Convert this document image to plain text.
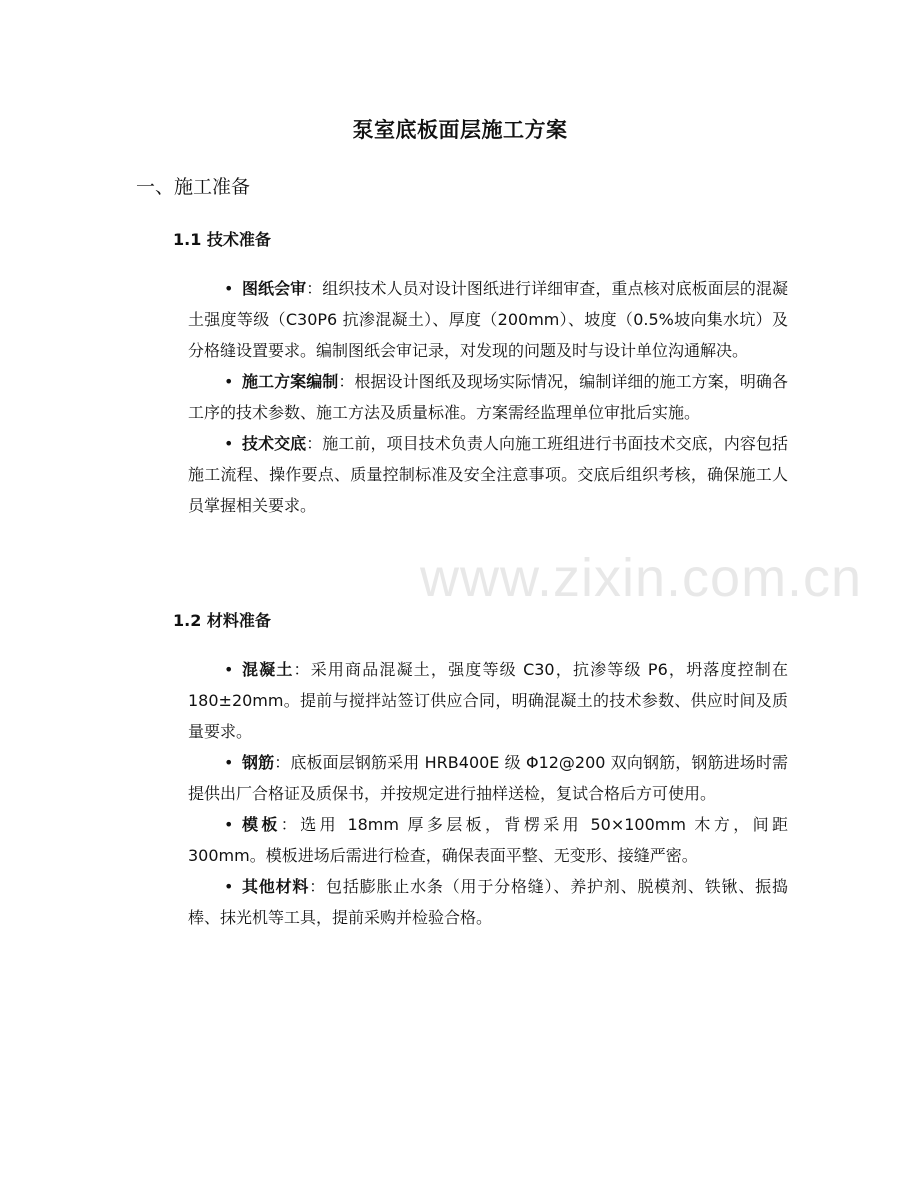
泵室底板面层施工方案
一、施工准备
1.1 技术准备
• 图纸会审：组织技术人员对设计图纸进行详细审查，重点核对底板面层的混凝土强度等级（C30P6 抗渗混凝土）、厚度（200mm）、坡度（0.5%坡向集水坑）及分格缝设置要求。编制图纸会审记录，对发现的问题及时与设计单位沟通解决。
• 施工方案编制：根据设计图纸及现场实际情况，编制详细的施工方案，明确各工序的技术参数、施工方法及质量标准。方案需经监理单位审批后实施。
• 技术交底：施工前，项目技术负责人向施工班组进行书面技术交底，内容包括施工流程、操作要点、质量控制标准及安全注意事项。交底后组织考核，确保施工人员掌握相关要求。
www.zixin.com.cn
1.2 材料准备
• 混凝土：采用商品混凝土，强度等级 C30，抗渗等级 P6，坍落度控制在 180±20mm。提前与搅拌站签订供应合同，明确混凝土的技术参数、供应时间及质量要求。
• 钢筋：底板面层钢筋采用 HRB400E 级 Φ12@200 双向钢筋，钢筋进场时需提供出厂合格证及质保书，并按规定进行抽样送检，复试合格后方可使用。
• 模板：选用 18mm 厚多层板，背楞采用 50×100mm 木方，间距 300mm。模板进场后需进行检查，确保表面平整、无变形、接缝严密。
• 其他材料：包括膨胀止水条（用于分格缝）、养护剂、脱模剂、铁锹、振捣棒、抹光机等工具，提前采购并检验合格。
